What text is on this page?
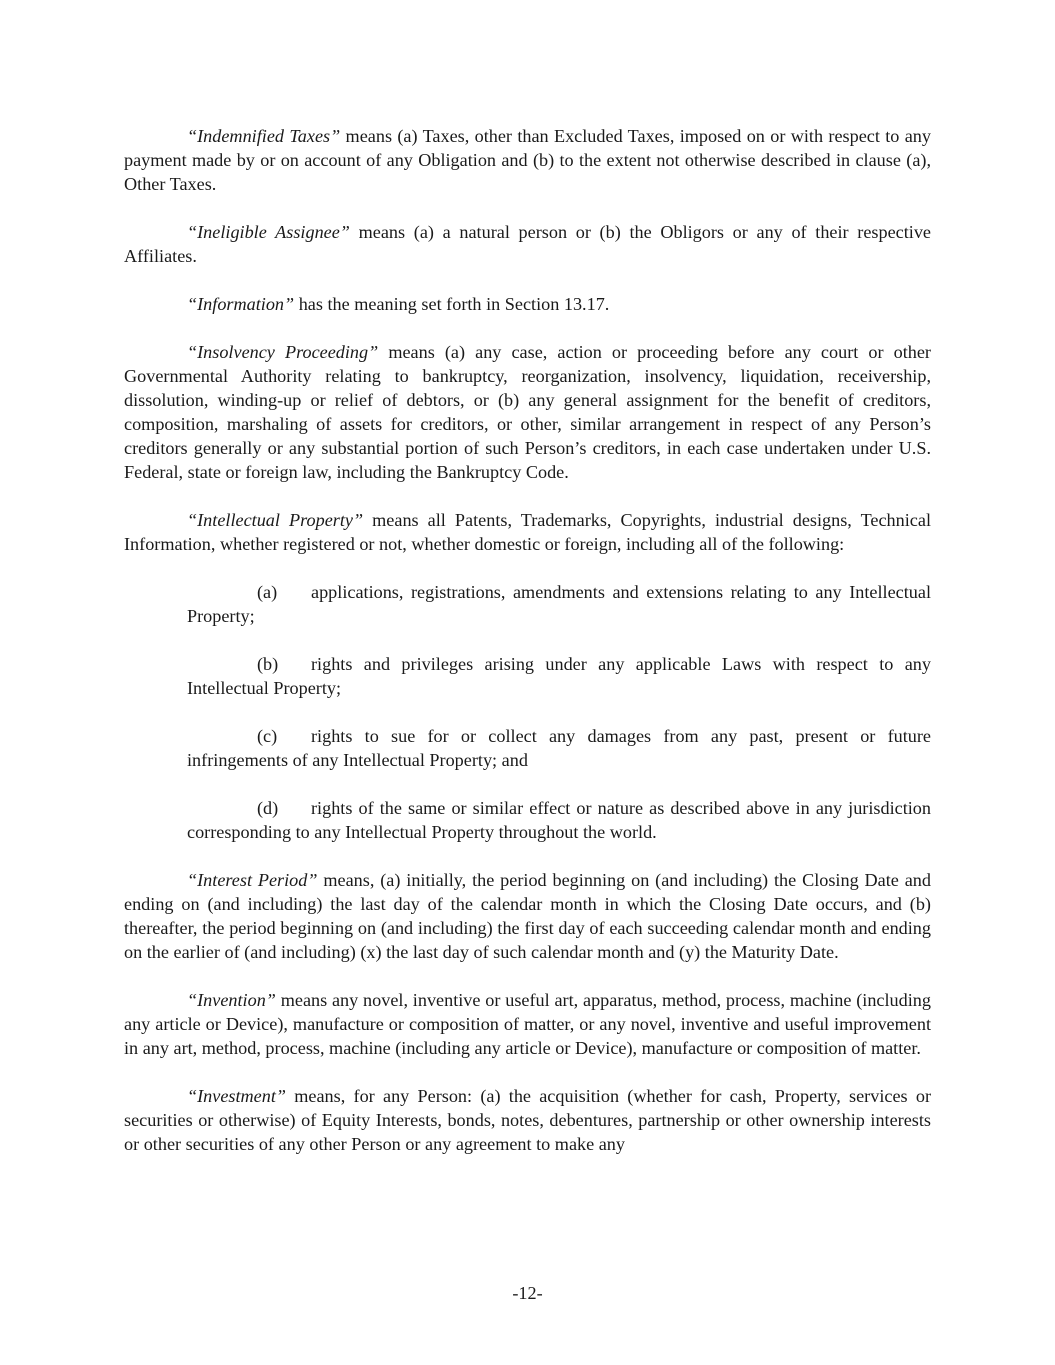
“Indemnified Taxes” means (a) Taxes, other than Excluded Taxes, imposed on or with respect to any payment made by or on account of any Obligation and (b) to the extent not otherwise described in clause (a), Other Taxes.

“Ineligible Assignee” means (a) a natural person or (b) the Obligors or any of their respective Affiliates.

“Information” has the meaning set forth in Section 13.17.

“Insolvency Proceeding” means (a) any case, action or proceeding before any court or other Governmental Authority relating to bankruptcy, reorganization, insolvency, liquidation, receivership, dissolution, winding-up or relief of debtors, or (b) any general assignment for the benefit of creditors, composition, marshaling of assets for creditors, or other, similar arrangement in respect of any Person’s creditors generally or any substantial portion of such Person’s creditors, in each case undertaken under U.S. Federal, state or foreign law, including the Bankruptcy Code.

“Intellectual Property” means all Patents, Trademarks, Copyrights, industrial designs, Technical Information, whether registered or not, whether domestic or foreign, including all of the following:

(a) applications, registrations, amendments and extensions relating to any Intellectual Property;

(b) rights and privileges arising under any applicable Laws with respect to any Intellectual Property;

(c) rights to sue for or collect any damages from any past, present or future infringements of any Intellectual Property; and

(d) rights of the same or similar effect or nature as described above in any jurisdiction corresponding to any Intellectual Property throughout the world.

“Interest Period” means, (a) initially, the period beginning on (and including) the Closing Date and ending on (and including) the last day of the calendar month in which the Closing Date occurs, and (b) thereafter, the period beginning on (and including) the first day of each succeeding calendar month and ending on the earlier of (and including) (x) the last day of such calendar month and (y) the Maturity Date.

“Invention” means any novel, inventive or useful art, apparatus, method, process, machine (including any article or Device), manufacture or composition of matter, or any novel, inventive and useful improvement in any art, method, process, machine (including any article or Device), manufacture or composition of matter.

“Investment” means, for any Person: (a) the acquisition (whether for cash, Property, services or securities or otherwise) of Equity Interests, bonds, notes, debentures, partnership or other ownership interests or other securities of any other Person or any agreement to make any

-12-
